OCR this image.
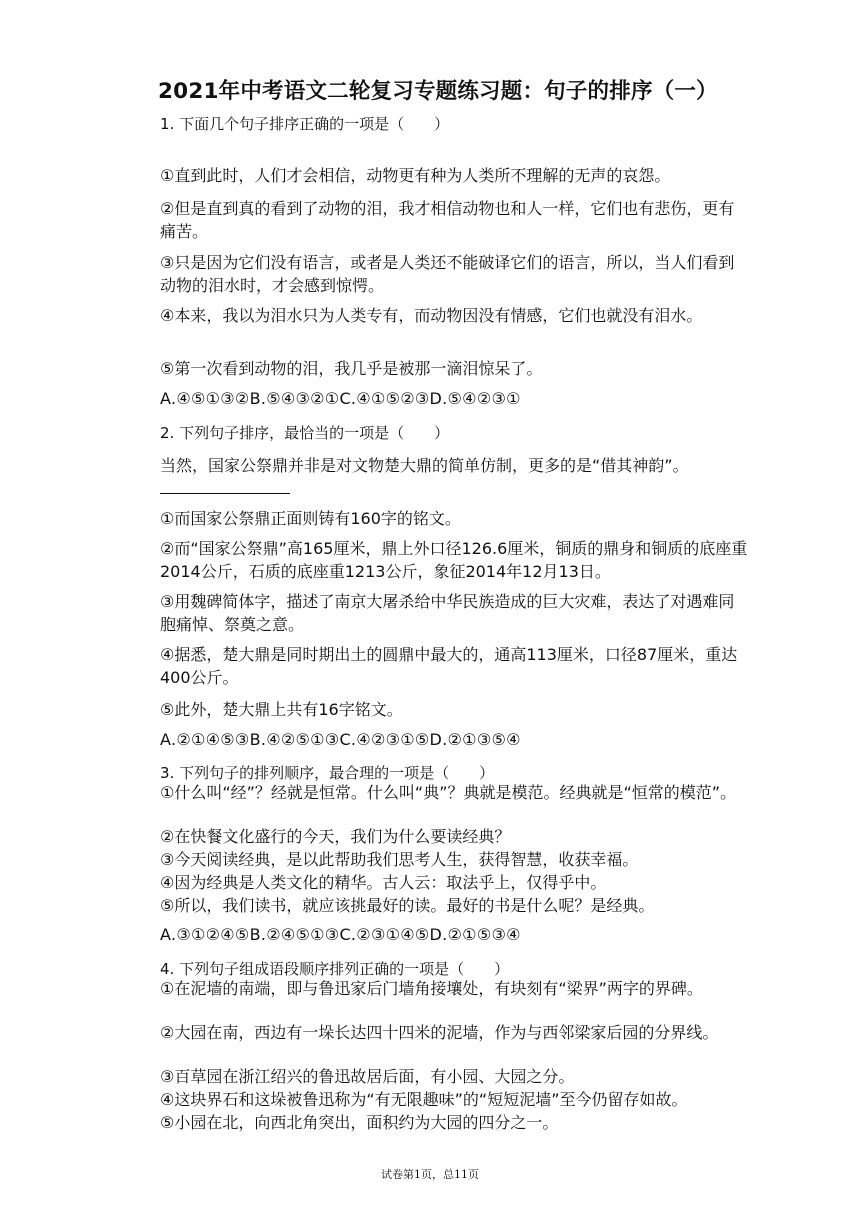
2021年中考语文二轮复习专题练习题：句子的排序（一）
1. 下面几个句子排序正确的一项是（　　）
①直到此时，人们才会相信，动物更有种为人类所不理解的无声的哀怨。
②但是直到真的看到了动物的泪，我才相信动物也和人一样，它们也有悲伤，更有痛苦。
③只是因为它们没有语言，或者是人类还不能破译它们的语言，所以，当人们看到动物的泪水时，才会感到惊愕。
④本来，我以为泪水只为人类专有，而动物因没有情感，它们也就没有泪水。
⑤第一次看到动物的泪，我几乎是被那一滴泪惊呆了。
A.④⑤①③②B.⑤④③②①C.④①⑤②③D.⑤④②③①
2. 下列句子排序，最恰当的一项是（　　）
当然，国家公祭鼎并非是对文物楚大鼎的简单仿制，更多的是“借其神韵”。
①而国家公祭鼎正面则铸有160字的铭文。
②而“国家公祭鼎”高165厘米，鼎上外口径126.6厘米，铜质的鼎身和铜质的底座重2014公斤，石质的底座重1213公斤，象征2014年12月13日。
③用魏碑简体字，描述了南京大屠杀给中华民族造成的巨大灾难，表达了对遇难同胞痛悼、祭奠之意。
④据悉，楚大鼎是同时期出土的圆鼎中最大的，通高113厘米，口径87厘米，重达400公斤。
⑤此外，楚大鼎上共有16字铭文。
A.②①④⑤③B.④②⑤①③C.④②③①⑤D.②①③⑤④
3. 下列句子的排列顺序，最合理的一项是（　　）
①什么叫“经”？经就是恒常。什么叫“典”？典就是模范。经典就是“恒常的模范”。
②在快餐文化盛行的今天，我们为什么要读经典？
③今天阅读经典，是以此帮助我们思考人生，获得智慧，收获幸福。
④因为经典是人类文化的精华。古人云：取法乎上，仅得乎中。
⑤所以，我们读书，就应该挑最好的读。最好的书是什么呢？是经典。
A.③①②④⑤B.②④⑤①③C.②③①④⑤D.②①⑤③④
4. 下列句子组成语段顺序排列正确的一项是（　　）
①在泥墙的南端，即与鲁迅家后门墙角接壤处，有块刻有“梁界”两字的界碑。
②大园在南，西边有一垛长达四十四米的泥墙，作为与西邻梁家后园的分界线。
③百草园在浙江绍兴的鲁迅故居后面，有小园、大园之分。
④这块界石和这垛被鲁迅称为“有无限趣味”的“短短泥墙”至今仍留存如故。
⑤小园在北，向西北角突出，面积约为大园的四分之一。
试卷第1页，总11页
